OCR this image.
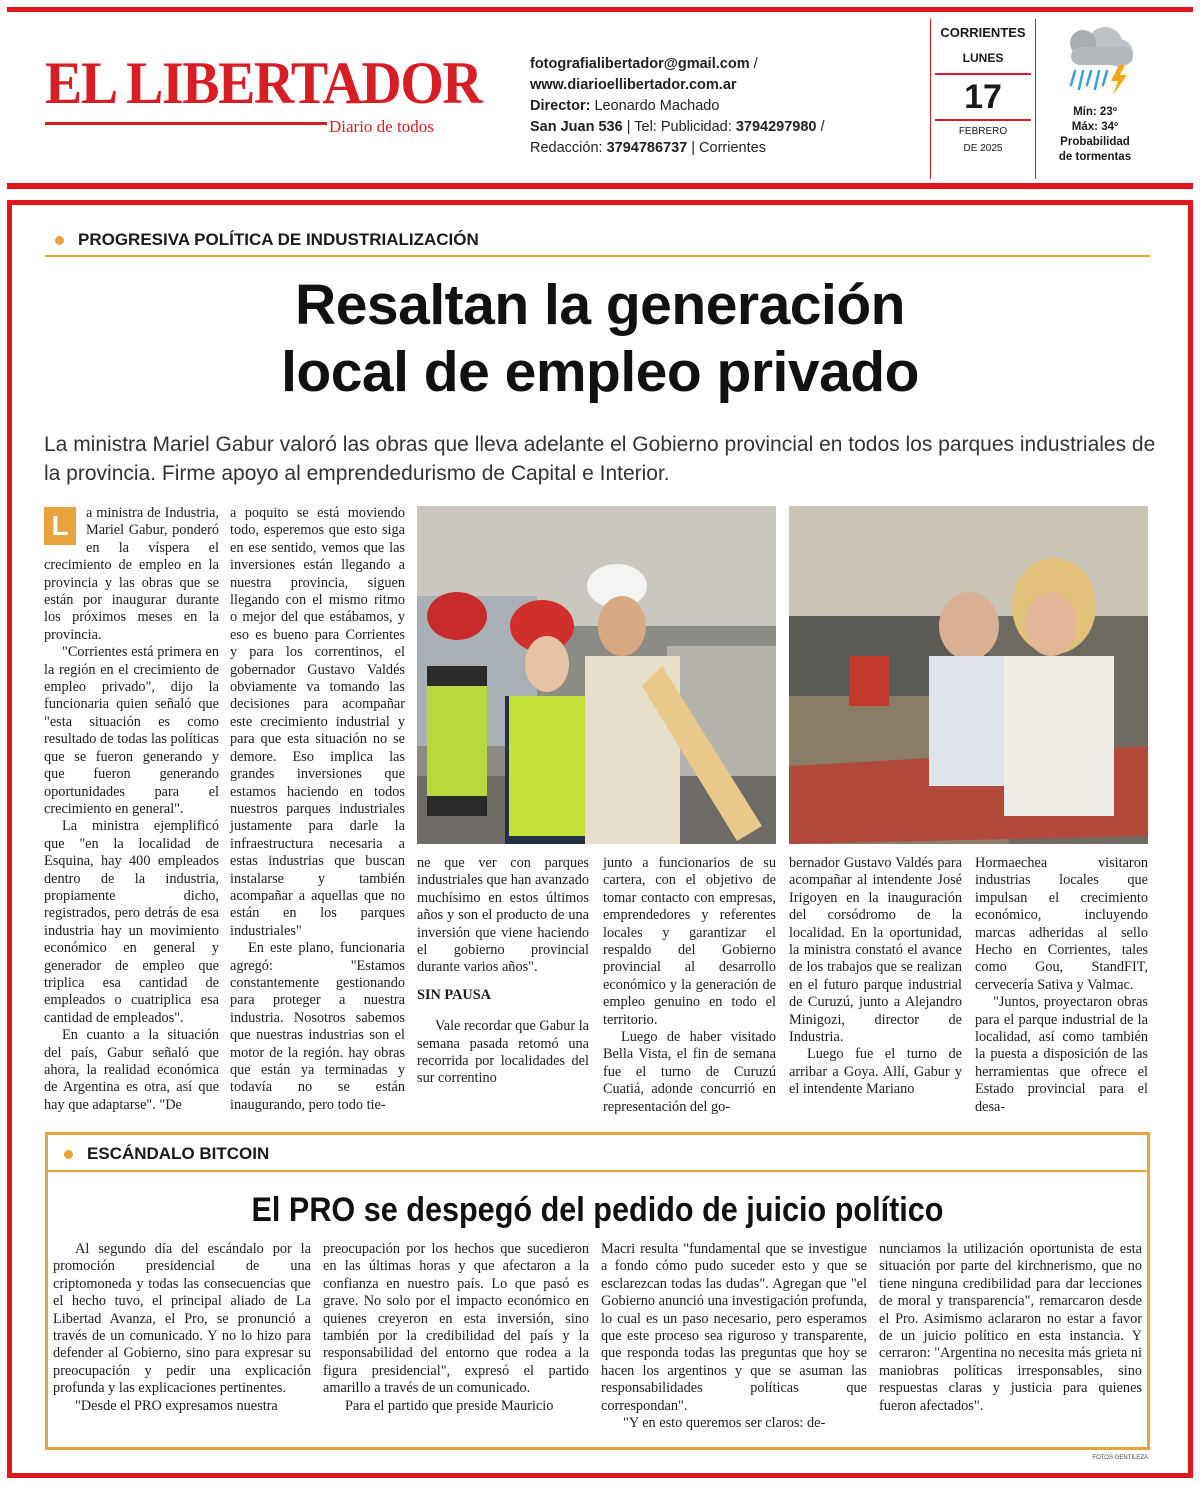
EL LIBERTADOR
Diario de todos
fotografialibertador@gmail.com /
www.diarioellibertador.com.ar
Director: Leonardo Machado
San Juan 536 | Tel: Publicidad: 3794297980 /
Redacción: 3794786737 | Corrientes
CORRIENTES
LUNES
17
FEBRERO
DE 2025
Mín: 23º
Máx: 34º
Probabilidad
de tormentas
PROGRESIVA POLÍTICA DE INDUSTRIALIZACIÓN
Resaltan la generación
local de empleo privado
La ministra Mariel Gabur valoró las obras que lleva adelante el Gobierno provincial en todos los parques industriales de la provincia. Firme apoyo al emprendedurismo de Capital e Interior.

L	a ministra de Industria, Mariel Gabur, ponderó en la víspera el crecimiento de empleo en la provincia y las obras que se están por inaugurar durante los próximos meses en la provincia.

"Corrientes está primera en la región en el crecimiento de empleo privado", dijo la funcionaria quien señaló que "esta situación es como resultado de todas las políticas que se fueron generando y que fueron generando oportunidades para el crecimiento en general".

La ministra ejemplificó que "en la localidad de Esquina, hay 400 empleados dentro de la industria, propiamente dicho, registrados, pero detrás de esa industria hay un movimiento económico en general y generador de empleo que triplica esa cantidad de empleados o cuatriplica esa cantidad de empleados".

En cuanto a la situación del país, Gabur señaló que ahora, la realidad económica de Argentina es otra, así que hay que adaptarse". "De

a poquito se está moviendo todo, esperemos que esto siga en ese sentido, vemos que las inversiones están llegando a nuestra provincia, siguen llegando con el mismo ritmo o mejor del que estábamos, y eso es bueno para Corrientes y para los correntinos, el gobernador Gustavo Valdés obviamente va tomando las decisiones para acompañar este crecimiento industrial y para que esta situación no se demore. Eso implica las grandes inversiones que estamos haciendo en todos nuestros parques industriales justamente para darle la infraestructura necesaria a estas industrias que buscan instalarse y también acompañar a aquellas que no están en los parques industriales"

En este plano, funcionaria agregó: "Estamos constantemente gestionando para proteger a nuestra industria. Nosotros sabemos que nuestras industrias son el motor de la región. hay obras que están ya terminadas y todavía no se están inaugurando, pero todo tie-

ne que ver con parques industriales que han avanzado muchísimo en estos últimos años y son el producto de una inversión que viene haciendo el gobierno provincial durante varios años".

SIN PAUSA

Vale recordar que Gabur la semana pasada retomó una recorrida por localidades del sur correntino

junto a funcionarios de su cartera, con el objetivo de tomar contacto con empresas, emprendedores y referentes locales y garantizar el respaldo del Gobierno provincial al desarrollo económico y la generación de empleo genuino en todo el territorio.

Luego de haber visitado Bella Vista, el fin de semana fue el turno de Curuzú Cuatiá, adonde concurrió en representación del go-

bernador Gustavo Valdés para acompañar al intendente José Irigoyen en la inauguración del corsódromo de la localidad. En la oportunidad, la ministra constató el avance de los trabajos que se realizan en el futuro parque industrial de Curuzú, junto a Alejandro Minigozi, director de Industria.

Luego fue el turno de arribar a Goya. Allí, Gabur y el intendente Mariano

Hormaechea visitaron industrias locales que impulsan el crecimiento económico, incluyendo marcas adheridas al sello Hecho en Corrientes, tales como Gou, StandFIT, cervecería Sativa y Valmac.

"Juntos, proyectaron obras para el parque industrial de la localidad, así como también la puesta a disposición de las herramientas que ofrece el Estado provincial para el desa-

ESCÁNDALO BITCOIN
El PRO se despegó del pedido de juicio político

Al segundo día del escándalo por la promoción presidencial de una criptomoneda y todas las consecuencias que el hecho tuvo, el principal aliado de La Libertad Avanza, el Pro, se pronunció a través de un comunicado. Y no lo hizo para defender al Gobierno, sino para expresar su preocupación y pedir una explicación profunda y las explicaciones pertinentes.

"Desde el PRO expresamos nuestra

preocupación por los hechos que sucedieron en las últimas horas y que afectaron a la confianza en nuestro país. Lo que pasó es grave. No solo por el impacto económico en quienes creyeron en esta inversión, sino también por la credibilidad del país y la responsabilidad del entorno que rodea a la figura presidencial", expresó el partido amarillo a través de un comunicado.

Para el partido que preside Mauricio

Macri resulta "fundamental que se investigue a fondo cómo pudo suceder esto y que se esclarezcan todas las dudas". Agregan que "el Gobierno anunció una investigación profunda, lo cual es un paso necesario, pero esperamos que este proceso sea riguroso y transparente, que responda todas las preguntas que hoy se hacen los argentinos y que se asuman las responsabilidades políticas que correspondan".

"Y en esto queremos ser claros: de-

nunciamos la utilización oportunista de esta situación por parte del kirchnerismo, que no tiene ninguna credibilidad para dar lecciones de moral y transparencia", remarcaron desde el Pro. Asimismo aclararon no estar a favor de un juicio político en esta instancia. Y cerraron: "Argentina no necesita más grieta ni maniobras políticas irresponsables, sino respuestas claras y justicia para quienes fueron afectados".

FOTOS GENTILEZA
